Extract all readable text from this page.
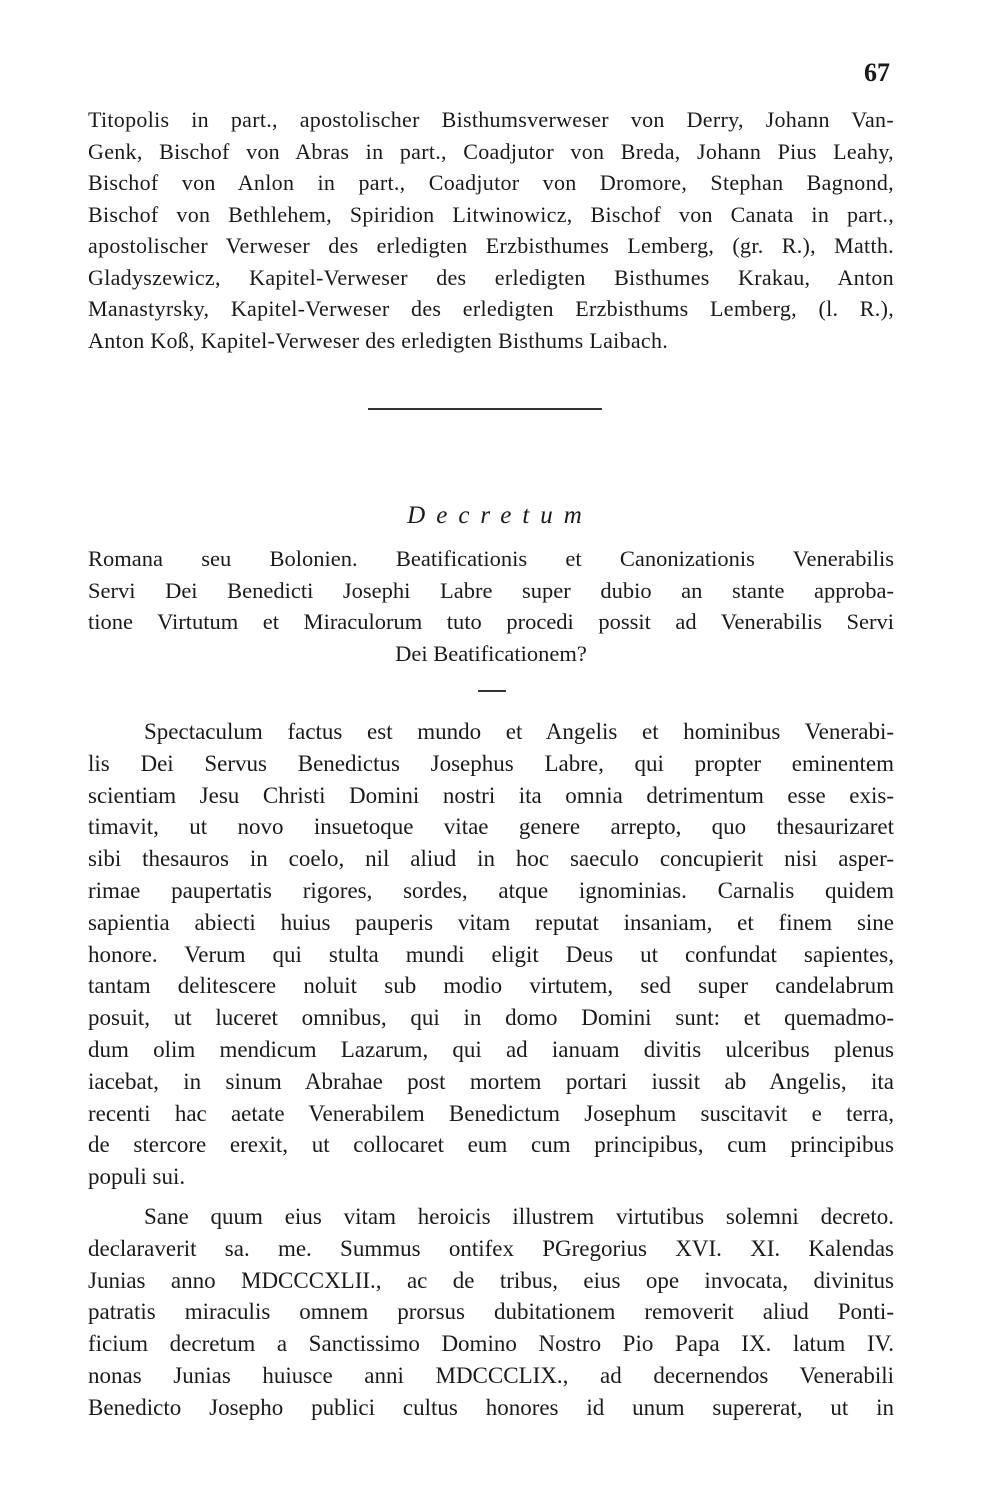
67
Titopolis in part., apostolischer Bisthumsverweser von Derry, Johann Van-
Genk, Bischof von Abras in part., Coadjutor von Breda, Johann Pius Leahy,
Bischof von Anlon in part., Coadjutor von Dromore, Stephan Bagnond,
Bischof von Bethlehem, Spiridion Litwinowicz, Bischof von Canata in part.,
apostolischer Verweser des erledigten Erzbisthumes Lemberg, (gr. R.), Matth.
Gladyszewicz, Kapitel-Verweser des erledigten Bisthumes Krakau, Anton
Manastyrsky, Kapitel-Verweser des erledigten Erzbisthums Lemberg, (l. R.),
Anton Koß, Kapitel-Verweser des erledigten Bisthums Laibach.
Decretum
Romana seu Bolonien. Beatificationis et Canonizationis Venerabilis
Servi Dei Benedicti Josephi Labre super dubio an stante approba-
tione Virtutum et Miraculorum tuto procedi possit ad Venerabilis Servi
Dei Beatificationem?
Spectaculum factus est mundo et Angelis et hominibus Venerabi-
lis Dei Servus Benedictus Josephus Labre, qui propter eminentem
scientiam Jesu Christi Domini nostri ita omnia detrimentum esse exis-
timavit, ut novo insuetoque vitae genere arrepto, quo thesaurizaret
sibi thesauros in coelo, nil aliud in hoc saeculo concupierit nisi asper-
rimae paupertatis rigores, sordes, atque ignominias. Carnalis quidem
sapientia abiecti huius pauperis vitam reputat insaniam, et finem sine
honore. Verum qui stulta mundi eligit Deus ut confundat sapientes,
tantam delitescere noluit sub modio virtutem, sed super candelabrum
posuit, ut luceret omnibus, qui in domo Domini sunt: et quemadmo-
dum olim mendicum Lazarum, qui ad ianuam divitis ulceribus plenus
iacebat, in sinum Abrahae post mortem portari iussit ab Angelis, ita
recenti hac aetate Venerabilem Benedictum Josephum suscitavit e terra,
de stercore erexit, ut collocaret eum cum principibus, cum principibus
populi sui.
Sane quum eius vitam heroicis illustrem virtutibus solemni decreto.
declaraverit sa. me. Summus ontifex PGregorius XVI. XI. Kalendas
Junias anno MDCCCXLII., ac de tribus, eius ope invocata, divinitus
patratis miraculis omnem prorsus dubitationem removerit aliud Ponti-
ficium decretum a Sanctissimo Domino Nostro Pio Papa IX. latum IV.
nonas Junias huiusce anni MDCCCLIX., ad decernendos Venerabili
Benedicto Josepho publici cultus honores id unum supererat, ut in
